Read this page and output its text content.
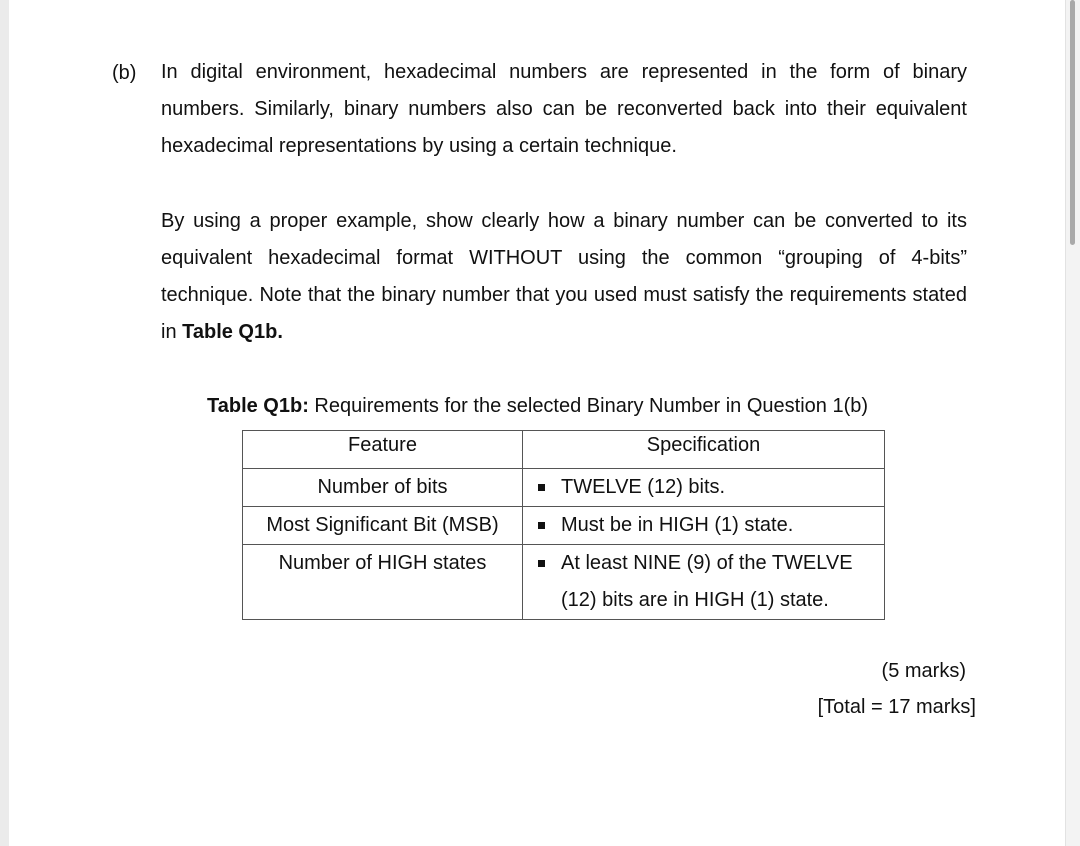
(b) In digital environment, hexadecimal numbers are represented in the form of binary numbers. Similarly, binary numbers also can be reconverted back into their equivalent hexadecimal representations by using a certain technique.
By using a proper example, show clearly how a binary number can be converted to its equivalent hexadecimal format WITHOUT using the common “grouping of 4-bits” technique. Note that the binary number that you used must satisfy the requirements stated in Table Q1b.
Table Q1b: Requirements for the selected Binary Number in Question 1(b)
Feature	Specification
Number of bits	TWELVE (12) bits.

Most Significant Bit (MSB)	Must be in HIGH (1) state.

Number of HIGH states	At least NINE (9) of the TWELVE
(12) bits are in HIGH (1) state.
(5 marks)
[Total = 17 marks]
